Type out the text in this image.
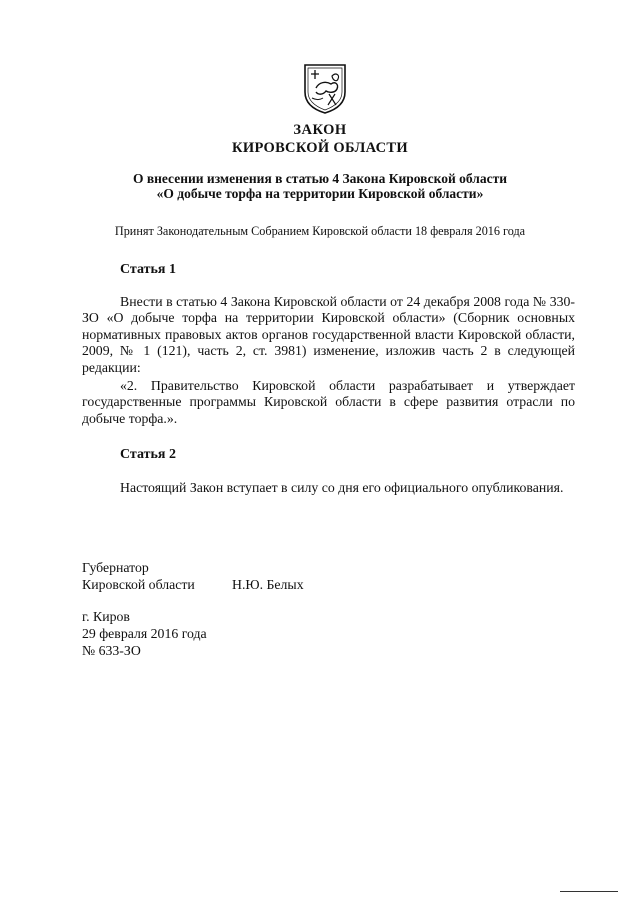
ЗАКОН
КИРОВСКОЙ ОБЛАСТИ
О внесении изменения в статью 4 Закона Кировской области
«О добыче торфа на территории Кировской области»
Принят Законодательным Собранием Кировской области 18 февраля 2016 года
Статья 1

Внести в статью 4 Закона Кировской области от 24 декабря 2008 года № 330-ЗО «О добыче торфа на территории Кировской области» (Сборник основных нормативных правовых актов органов государственной власти Кировской области, 2009, № 1 (121), часть 2, ст. 3981) изменение, изложив часть 2 в следующей редакции:

«2. Правительство Кировской области разрабатывает и утверждает государственные программы Кировской области в сфере развития отрасли по добыче торфа.».

Статья 2

Настоящий Закон вступает в силу со дня его официального опубликования.

Губернатор
Кировской области	Н.Ю. Белых
г. Киров
29 февраля 2016 года
№ 633-ЗО
